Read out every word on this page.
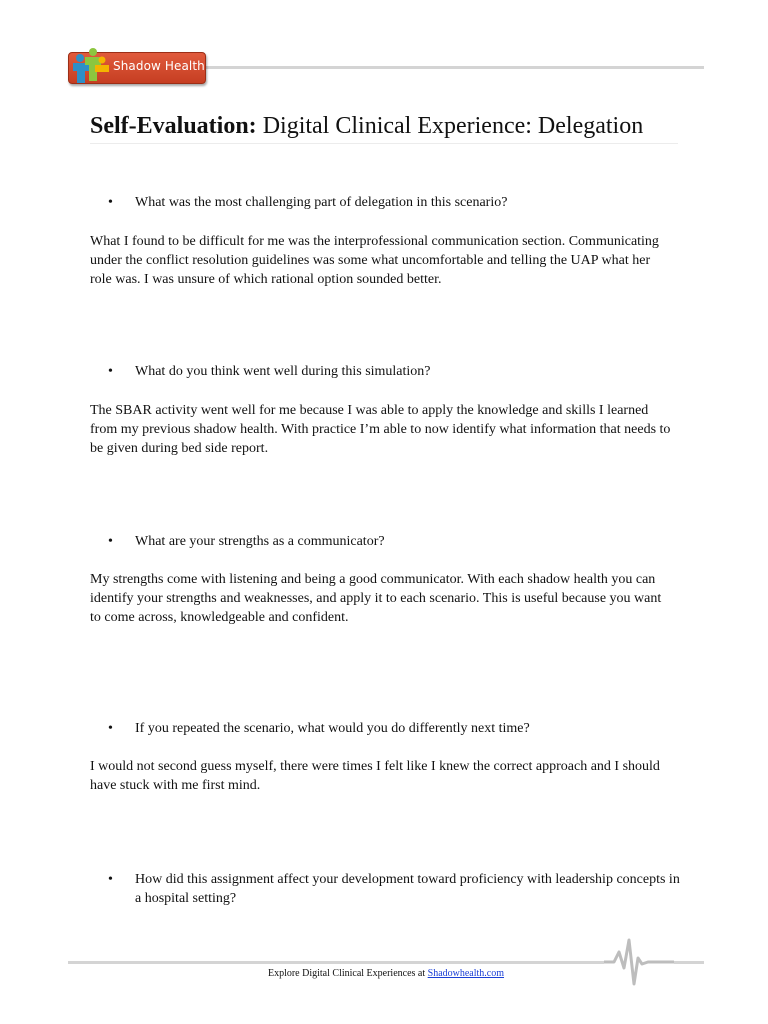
Shadow Health
Self-Evaluation: Digital Clinical Experience: Delegation
• What was the most challenging part of delegation in this scenario?
What I found to be difficult for me was the interprofessional communication section. Communicating under the conflict resolution guidelines was some what uncomfortable and telling the UAP what her role was. I was unsure of which rational option sounded better.
• What do you think went well during this simulation?
The SBAR activity went well for me because I was able to apply the knowledge and skills I learned from my previous shadow health. With practice I’m able to now identify what information that needs to be given during bed side report.
• What are your strengths as a communicator?
My strengths come with listening and being a good communicator. With each shadow health you can identify your strengths and weaknesses, and apply it to each scenario. This is useful because you want to come across, knowledgeable and confident.
• If you repeated the scenario, what would you do differently next time?
I would not second guess myself, there were times I felt like I knew the correct approach and I should have stuck with me first mind.
• How did this assignment affect your development toward proficiency with leadership concepts in a hospital setting?
Explore Digital Clinical Experiences at Shadowhealth.com
